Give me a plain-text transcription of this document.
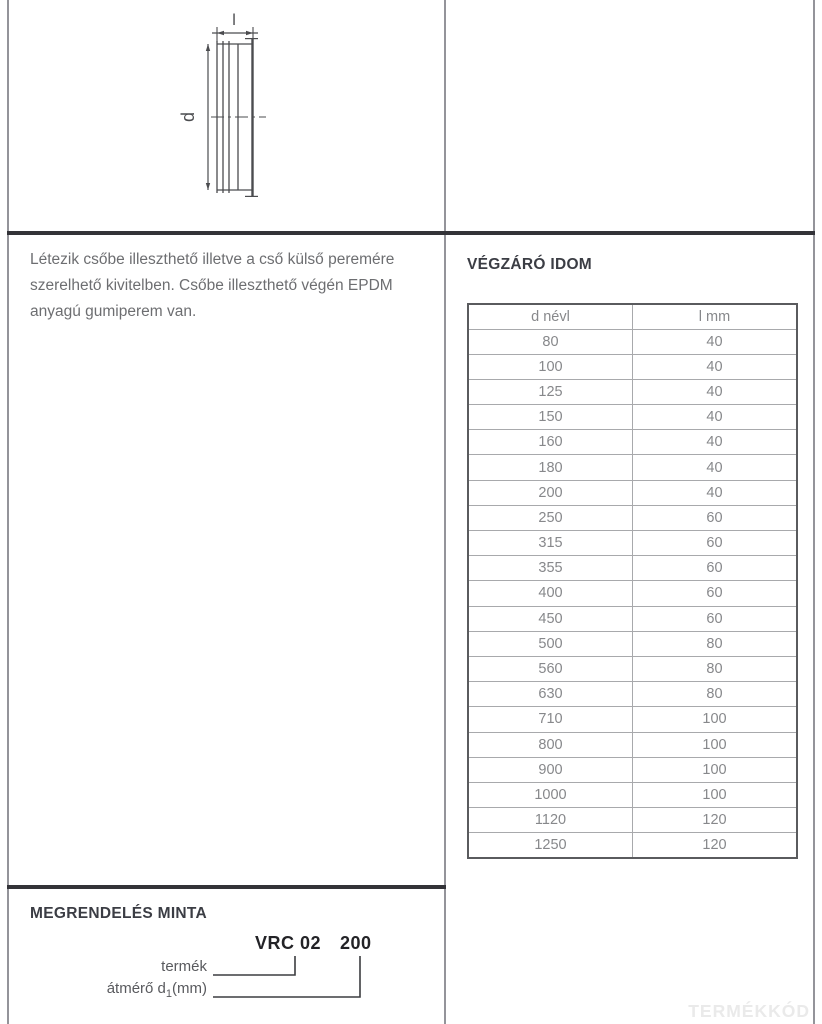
l
d
Létezik csőbe illeszthető illetve a cső külső peremére
szerelhető kivitelben. Csőbe illeszthető végén EPDM
anyagú gumiperem van.
VÉGZÁRÓ IDOM
d névl	l mm
80	40
100	40
125	40
150	40
160	40
180	40
200	40
250	60
315	60
355	60
400	60
450	60
500	80
560	80
630	80
710	100
800	100
900	100
1000	100
1120	120
1250	120
MEGRENDELÉS MINTA
VRC 02 200
termék
átmérő $d_1(mm)$
TERMÉKKÓD
